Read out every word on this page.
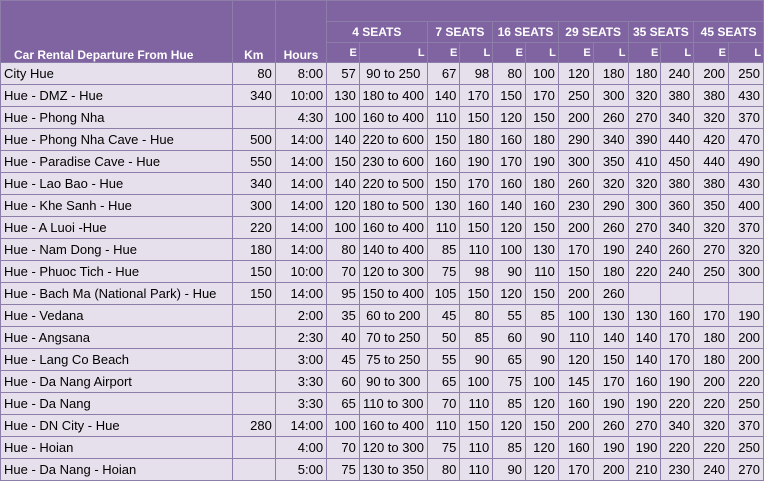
Car Rental Departure From Hue	Km	Hours												
			4 SEATS		7 SEATS		16 SEATS		29 SEATS		35 SEATS		45 SEATS	
			E	L	E	L	E	L	E	L	E	L	E	L
City Hue	80	8:00	57	90 to 250	67	98	80	100	120	180	180	240	200	250
Hue - DMZ - Hue	340	10:00	130	180 to 400	140	170	150	170	250	300	320	380	380	430
Hue - Phong Nha		4:30	100	160 to 400	110	150	120	150	200	260	270	340	320	370
Hue - Phong Nha Cave - Hue	500	14:00	140	220 to 600	150	180	160	180	290	340	390	440	420	470
Hue - Paradise Cave - Hue	550	14:00	150	230 to 600	160	190	170	190	300	350	410	450	440	490
Hue - Lao Bao - Hue	340	14:00	140	220 to 500	150	170	160	180	260	320	320	380	380	430
Hue - Khe Sanh - Hue	300	14:00	120	180 to 500	130	160	140	160	230	290	300	360	350	400
Hue - A Luoi -Hue	220	14:00	100	160 to 400	110	150	120	150	200	260	270	340	320	370
Hue - Nam Dong - Hue	180	14:00	80	140 to 400	85	110	100	130	170	190	240	260	270	320
Hue - Phuoc Tich - Hue	150	10:00	70	120 to 300	75	98	90	110	150	180	220	240	250	300
Hue - Bach Ma (National Park) - Hue	150	14:00	95	150 to 400	105	150	120	150	200	260				
Hue - Vedana		2:00	35	60 to 200	45	80	55	85	100	130	130	160	170	190
Hue - Angsana		2:30	40	70 to 250	50	85	60	90	110	140	140	170	180	200
Hue - Lang Co Beach		3:00	45	75 to 250	55	90	65	90	120	150	140	170	180	200
Hue - Da Nang Airport		3:30	60	90 to 300	65	100	75	100	145	170	160	190	200	220
Hue - Da Nang		3:30	65	110 to 300	70	110	85	120	160	190	190	220	220	250
Hue - DN City - Hue	280	14:00	100	160 to 400	110	150	120	150	200	260	270	340	320	370
Hue - Hoian		4:00	70	120 to 300	75	110	85	120	160	190	190	220	220	250
Hue - Da Nang - Hoian		5:00	75	130 to 350	80	110	90	120	170	200	210	230	240	270
